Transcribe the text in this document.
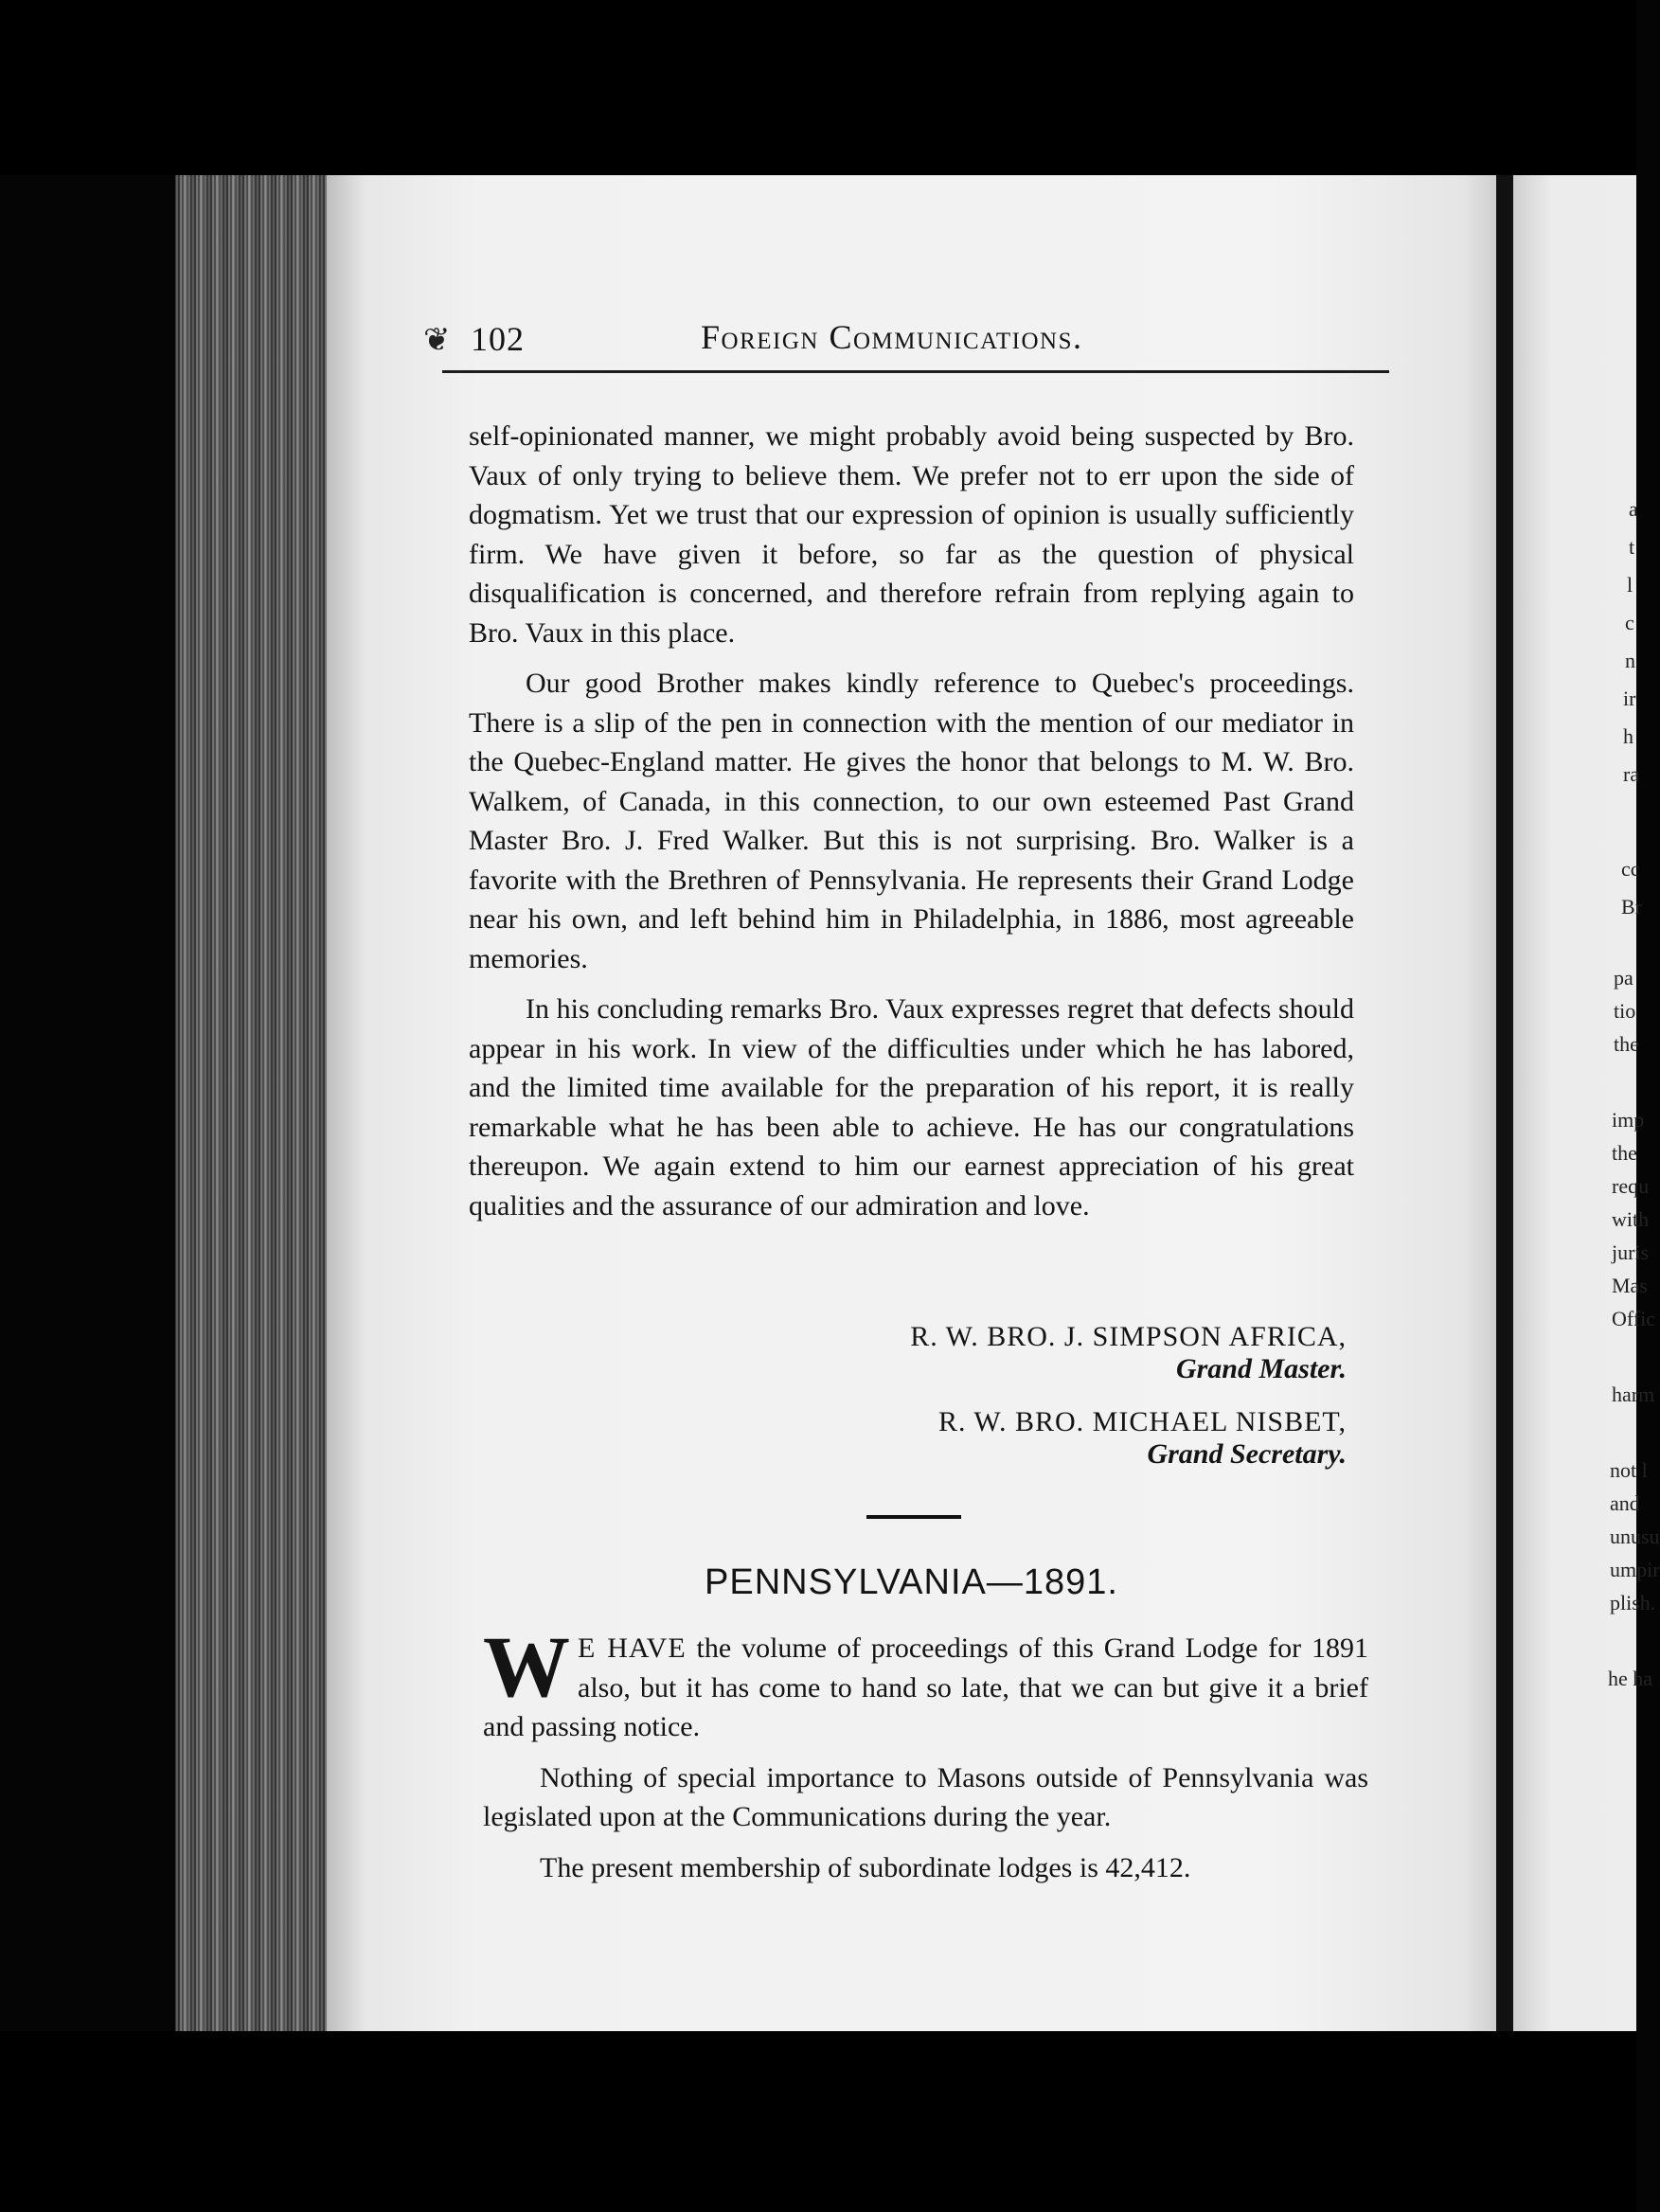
❦ 102	Foreign Communications.

self-opinionated manner, we might probably avoid being suspected by Bro. Vaux of only trying to believe them. We prefer not to err upon the side of dogmatism. Yet we trust that our expression of opinion is usually sufficiently firm. We have given it before, so far as the question of physical disqualification is concerned, and therefore refrain from replying again to Bro. Vaux in this place.

Our good Brother makes kindly reference to Quebec's proceedings. There is a slip of the pen in connection with the mention of our mediator in the Quebec-England matter. He gives the honor that belongs to M. W. Bro. Walkem, of Canada, in this connection, to our own esteemed Past Grand Master Bro. J. Fred Walker. But this is not surprising. Bro. Walker is a favorite with the Brethren of Pennsylvania. He represents their Grand Lodge near his own, and left behind him in Philadelphia, in 1886, most agreeable memories.

In his concluding remarks Bro. Vaux expresses regret that defects should appear in his work. In view of the difficulties under which he has labored, and the limited time available for the preparation of his report, it is really remarkable what he has been able to achieve. He has our congratulations thereupon. We again extend to him our earnest appreciation of his great qualities and the assurance of our admiration and love.

R. W. BRO. J. SIMPSON AFRICA,
Grand Master.
R. W. BRO. MICHAEL NISBET,
Grand Secretary.
PENNSYLVANIA—1891.

W E HAVE the volume of proceedings of this Grand Lodge for 1891 also, but it has come to hand so late, that we can but give it a brief and passing notice.

Nothing of special importance to Masons outside of Pennsylvania was legislated upon at the Communications during the year.

The present membership of subordinate lodges is 42,412.

a
t
l
c
n
ir
h
ra
cc
Br
pa
tio
the
imp
the
requ
with
juris
Mas
Offic
harm
not l
and
unusu
umpir
plish.
he ha
